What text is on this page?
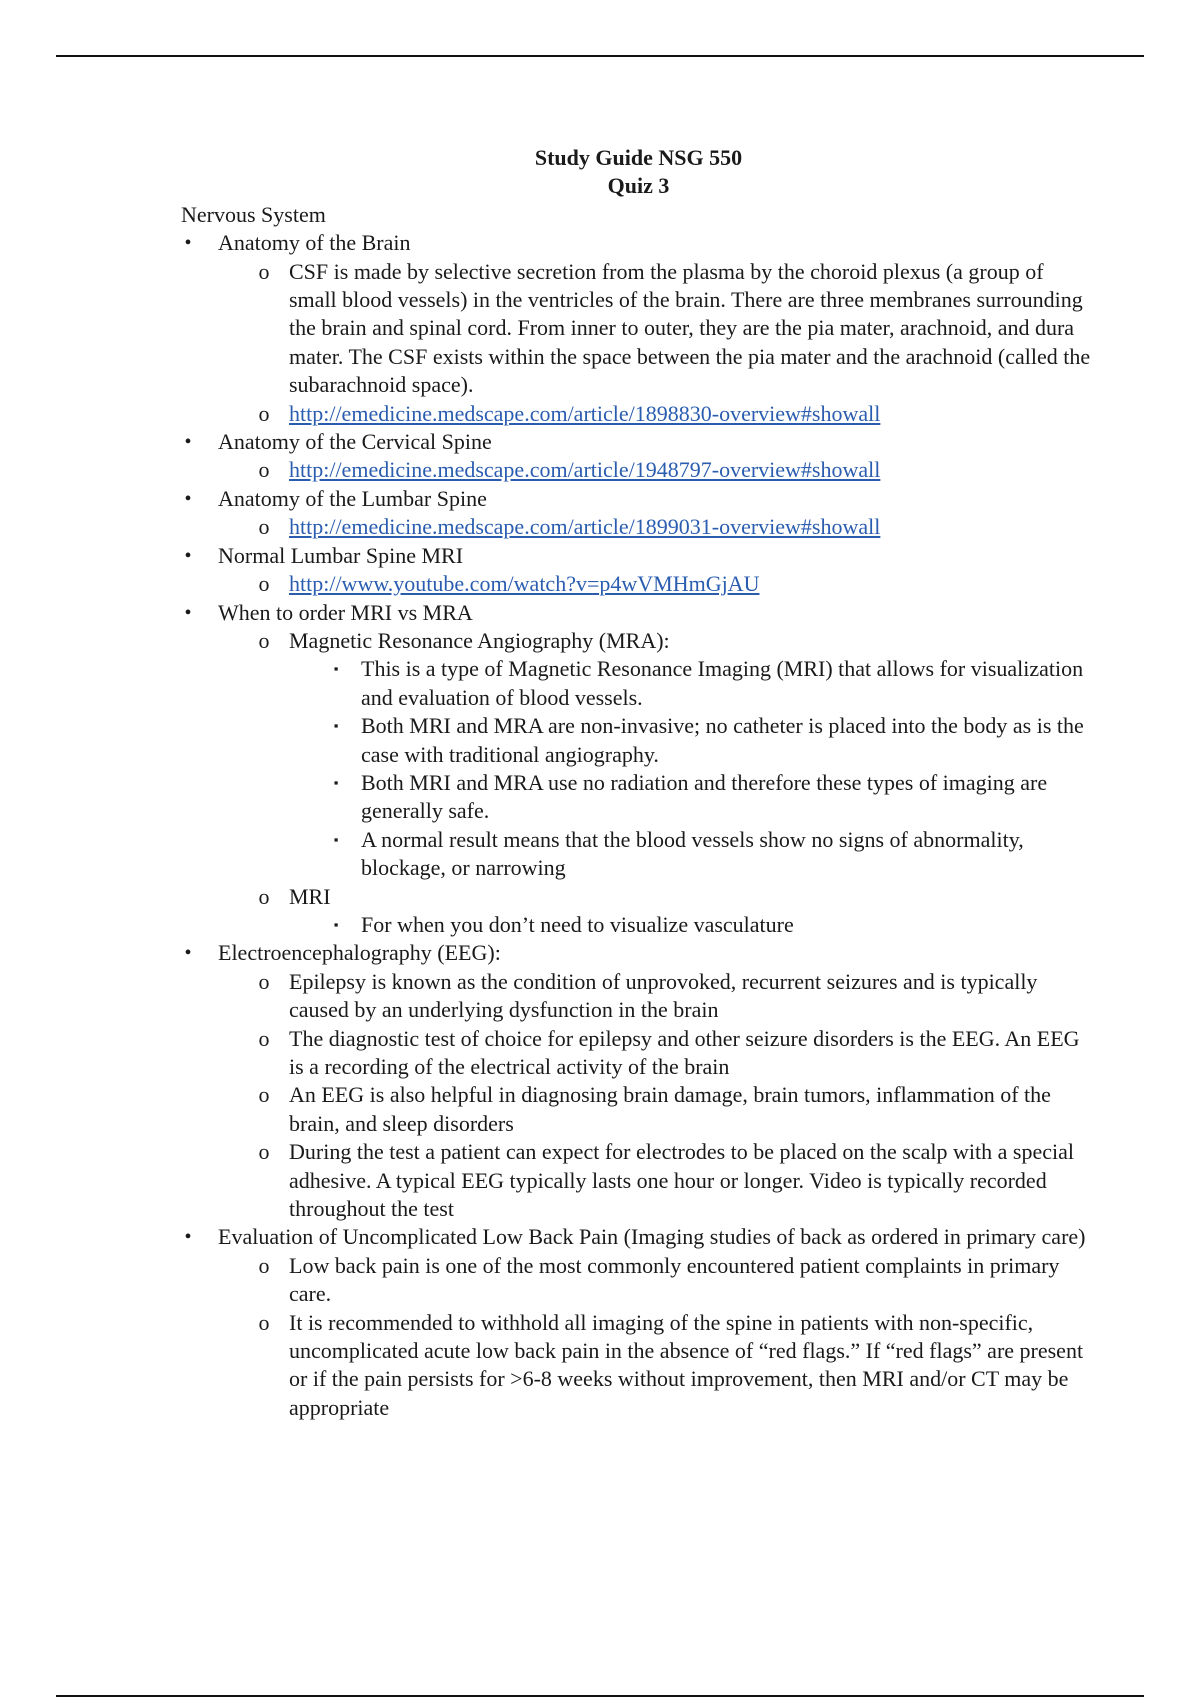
Study Guide NSG 550
Quiz 3
Nervous System
• Anatomy of the Brain
o CSF is made by selective secretion from the plasma by the choroid plexus (a group of small blood vessels) in the ventricles of the brain. There are three membranes surrounding the brain and spinal cord. From inner to outer, they are the pia mater, arachnoid, and dura mater. The CSF exists within the space between the pia mater and the arachnoid (called the subarachnoid space).
o http://emedicine.medscape.com/article/1898830-overview#showall
• Anatomy of the Cervical Spine
o http://emedicine.medscape.com/article/1948797-overview#showall
• Anatomy of the Lumbar Spine
o http://emedicine.medscape.com/article/1899031-overview#showall
• Normal Lumbar Spine MRI
o http://www.youtube.com/watch?v=p4wVMHmGjAU
• When to order MRI vs MRA
o Magnetic Resonance Angiography (MRA):
▪ This is a type of Magnetic Resonance Imaging (MRI) that allows for visualization and evaluation of blood vessels.
▪ Both MRI and MRA are non-invasive; no catheter is placed into the body as is the case with traditional angiography.
▪ Both MRI and MRA use no radiation and therefore these types of imaging are generally safe.
▪ A normal result means that the blood vessels show no signs of abnormality, blockage, or narrowing
o MRI
▪ For when you don’t need to visualize vasculature
• Electroencephalography (EEG):
o Epilepsy is known as the condition of unprovoked, recurrent seizures and is typically caused by an underlying dysfunction in the brain
o The diagnostic test of choice for epilepsy and other seizure disorders is the EEG. An EEG is a recording of the electrical activity of the brain
o An EEG is also helpful in diagnosing brain damage, brain tumors, inflammation of the brain, and sleep disorders
o During the test a patient can expect for electrodes to be placed on the scalp with a special adhesive. A typical EEG typically lasts one hour or longer. Video is typically recorded throughout the test
• Evaluation of Uncomplicated Low Back Pain (Imaging studies of back as ordered in primary care)
o Low back pain is one of the most commonly encountered patient complaints in primary care.
o It is recommended to withhold all imaging of the spine in patients with non-specific, uncomplicated acute low back pain in the absence of “red flags.” If “red flags” are present or if the pain persists for >6-8 weeks without improvement, then MRI and/or CT may be appropriate
